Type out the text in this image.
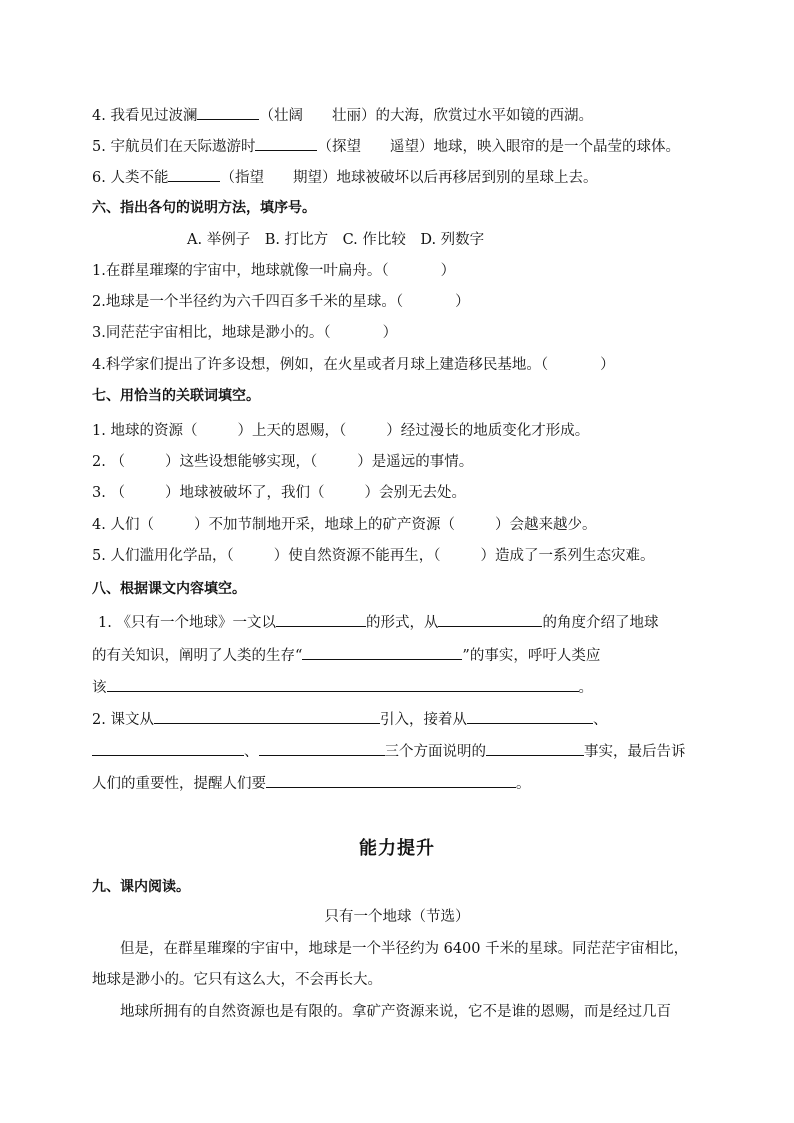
4. 我看见过波澜	（壮阔　　壮丽）的大海，欣赏过水平如镜的西湖。
5. 宇航员们在天际遨游时	（探望　　遥望）地球，映入眼帘的是一个晶莹的球体。
6. 人类不能	（指望　　期望）地球被破坏以后再移居到别的星球上去。
六、指出各句的说明方法，填序号。
A. 举例子　B. 打比方　C. 作比较　D. 列数字
1.在群星璀璨的宇宙中，地球就像一叶扁舟。（	）
2.地球是一个半径约为六千四百多千米的星球。（	）
3.同茫茫宇宙相比，地球是渺小的。（	）
4.科学家们提出了许多设想，例如，在火星或者月球上建造移民基地。（	）
七、用恰当的关联词填空。
1. 地球的资源（	）上天的恩赐，（	）经过漫长的地质变化才形成。
2. （	）这些设想能够实现，（	）是遥远的事情。
3. （	）地球被破坏了，我们（	）会别无去处。
4. 人们（	）不加节制地开采，地球上的矿产资源（	）会越来越少。
5. 人们滥用化学品，（	）使自然资源不能再生，（	）造成了一系列生态灾难。
八、根据课文内容填空。
1. 《只有一个地球》一文以	的形式，从	的角度介绍了地球
的有关知识，阐明了人类的生存“	”的事实，呼吁人类应
该	。
2. 课文从	引入，接着从	、
、	三个方面说明的	事实，最后告诉
人们的重要性，提醒人们要	。
能力提升
九、课内阅读。
只有一个地球（节选）
但是，在群星璀璨的宇宙中，地球是一个半径约为 6400 千米的星球。同茫茫宇宙相比，
地球是渺小的。它只有这么大，不会再长大。
地球所拥有的自然资源也是有限的。拿矿产资源来说，它不是谁的恩赐，而是经过几百
